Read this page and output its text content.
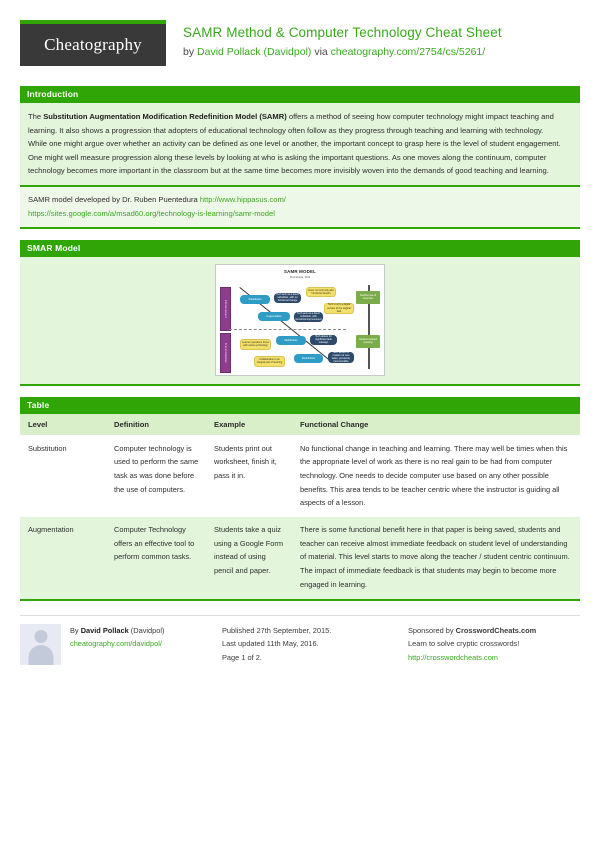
Cheatography
SAMR Method & Computer Technology Cheat Sheet
by David Pollack (Davidpol) via cheatography.com/2754/cs/5261/
Introduction

The Substitution Augmentation Modification Redefinition Model (SAMR) offers a method of seeing how computer technology might impact teaching and learning. It also shows a progression that adopters of educational technology often follow as they progress through teaching and learning with technology.

While one might argue over whether an activity can be defined as one level or another, the important concept to grasp here is the level of student engagement. One might well measure progression along these levels by looking at who is asking the important questions. As one moves along the continuum, computer technology becomes more important in the classroom but at the same time becomes more invisibly woven into the demands of good teaching and learning.

SAMR model developed by Dr. Ruben Puentedura http://www.hippasus.com/
https://sites.google.com/a/msad60.org/technology-is-learning/samr-model
SMAR Model
SAMR MODEL
Puentedura, 2011
Enhancement
Transformation
Substitution
Augmentation
Modification
Redefinition
Tech acts as a direct substitute, with no functional change
Tech acts as a direct substitute, with functional improvement
Tech allows for significant task redesign
Tech allows for creation of new tasks, previously inconceivable
Does not currently add functional benefit
Tech is only a digital version of the original task
Learner questions focus with active technology
Collaboration is an integral part of learning
Teacher use of computer
Student centred learning
Table
Level	Definition	Example	Functional Change
Substitution	Computer technology is used to perform the same task as was done before the use of computers.	Students print out worksheet, finish it, pass it in.	No functional change in teaching and learning. There may well be times when this the appropriate level of work as there is no real gain to be had from computer technology. One needs to decide computer use based on any other possible benefits. This area tends to be teacher centric where the instructor is guiding all aspects of a lesson.
Augmentation	Computer Technology offers an effective tool to perform common tasks.	Students take a quiz using a Google Form instead of using pencil and paper.	There is some functional benefit here in that paper is being saved, students and teacher can receive almost immediate feedback on student level of understanding of material. This level starts to move along the teacher / student centric continuum. The impact of immediate feedback is that students may begin to become more engaged in learning.
By David Pollack (Davidpol)
cheatography.com/davidpol/
Published 27th September, 2015.
Last updated 11th May, 2016.
Page 1 of 2.
Sponsored by CrosswordCheats.com
Learn to solve cryptic crosswords!
http://crosswordcheats.com
